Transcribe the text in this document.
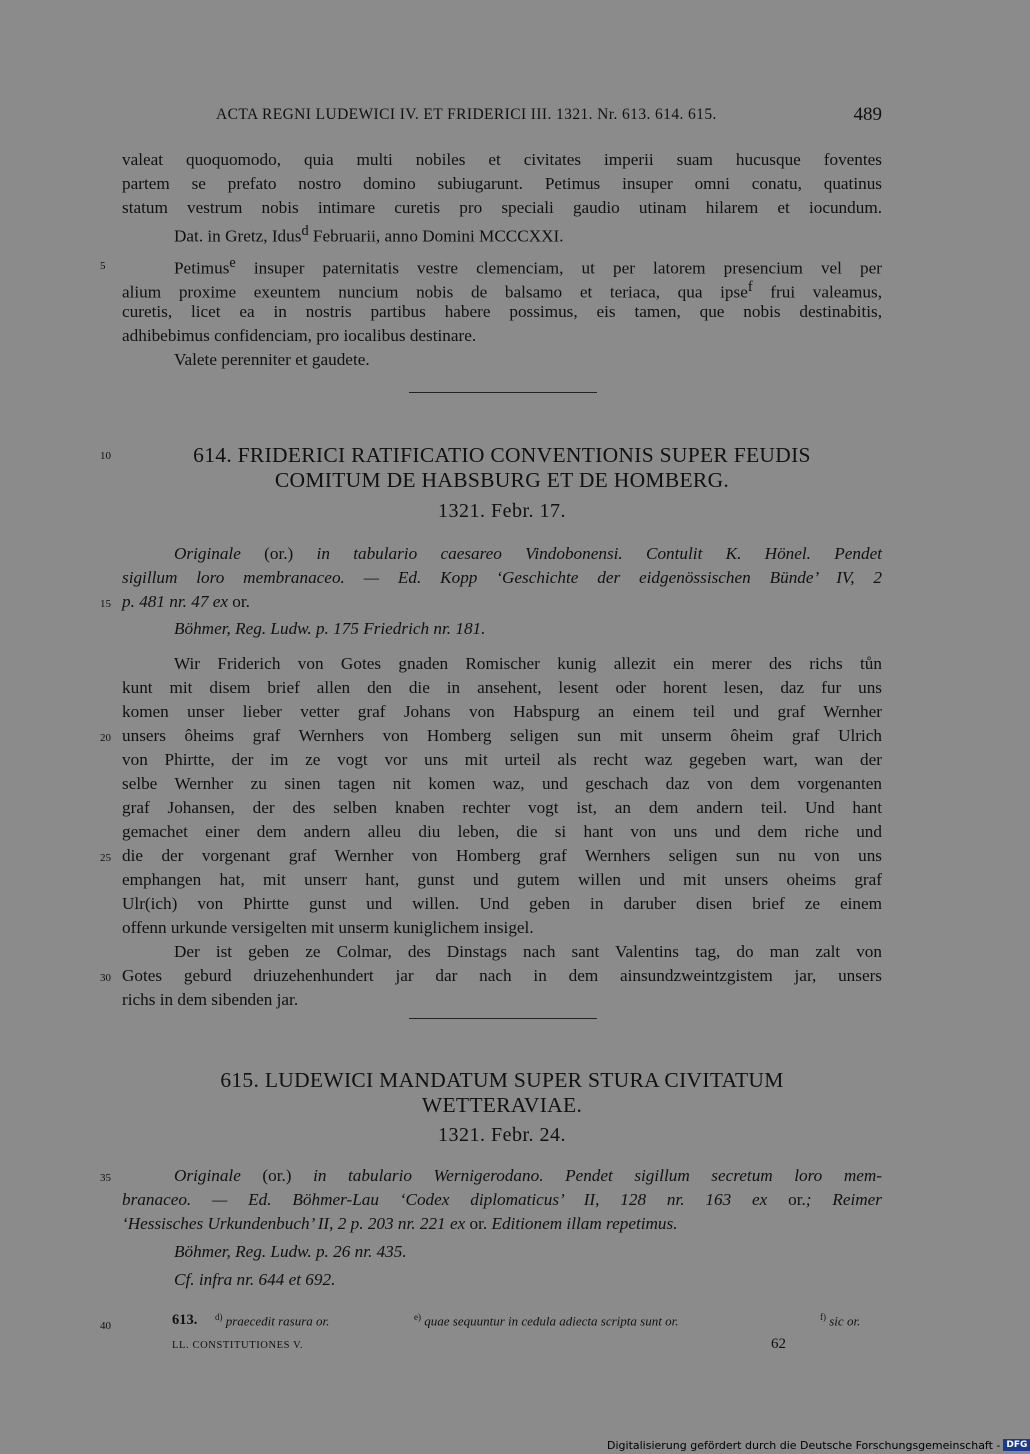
ACTA REGNI LUDEWICI IV. ET FRIDERICI III. 1321. Nr. 613. 614. 615.	489
valeat quoquomodo, quia multi nobiles et civitates imperii suam hucusque foventes
partem se prefato nostro domino subiugarunt. Petimus insuper omni conatu, quatinus
statum vestrum nobis intimare curetis pro speciali gaudio utinam hilarem et iocundum.
Dat. in Gretz, Idus$^d$ Februarii, anno Domini MCCCXXI.
5	Petimus$^e$ insuper paternitatis vestre clemenciam, ut per latorem presencium vel per
alium proxime exeuntem nuncium nobis de balsamo et teriaca, qua ipse$^f$ frui valeamus,
curetis, licet ea in nostris partibus habere possimus, eis tamen, que nobis destinabitis,
adhibebimus confidenciam, pro iocalibus destinare.
Valete perenniter et gaudete.
10	614. FRIDERICI RATIFICATIO CONVENTIONIS SUPER FEUDIS
COMITUM DE HABSBURG ET DE HOMBERG.
1321. Febr. 17.
Originale (or.) in tabulario caesareo Vindobonensi. Contulit K. Hönel. Pendet
sigillum loro membranaceo. — Ed. Kopp ‘Geschichte der eidgenössischen Bünde’ IV, 2
15 p. 481 nr. 47 ex or.
Böhmer, Reg. Ludw. p. 175 Friedrich nr. 181.
Wir Friderich von Gotes gnaden Romischer kunig allezit ein merer des richs tůn
kunt mit disem brief allen den die in ansehent, lesent oder horent lesen, daz fur uns
komen unser lieber vetter graf Johans von Habspurg an einem teil und graf Wernher
20 unsers ôheims graf Wernhers von Homberg seligen sun mit unserm ôheim graf Ulrich
von Phirtte, der im ze vogt vor uns mit urteil als recht waz gegeben wart, wan der
selbe Wernher zu sinen tagen nit komen waz, und geschach daz von dem vorgenanten
graf Johansen, der des selben knaben rechter vogt ist, an dem andern teil. Und hant
gemachet einer dem andern alleu diu leben, die si hant von uns und dem riche und
25 die der vorgenant graf Wernher von Homberg graf Wernhers seligen sun nu von uns
emphangen hat, mit unserr hant, gunst und gutem willen und mit unsers oheims graf
Ulr(ich) von Phirtte gunst und willen. Und geben in daruber disen brief ze einem
offenn urkunde versigelten mit unserm kuniglichem insigel.
Der ist geben ze Colmar, des Dinstags nach sant Valentins tag, do man zalt von
30 Gotes geburd driuzehenhundert jar dar nach in dem ainsundzweintzgistem jar, unsers
richs in dem sibenden jar.
615. LUDEWICI MANDATUM SUPER STURA CIVITATUM
WETTERAVIAE.
1321. Febr. 24.
35	Originale (or.) in tabulario Wernigerodano. Pendet sigillum secretum loro mem-
branaceo. — Ed. Böhmer-Lau ‘Codex diplomaticus’ II, 128 nr. 163 ex or.; Reimer
‘Hessisches Urkundenbuch’ II, 2 p. 203 nr. 221 ex or. Editionem illam repetimus.
Böhmer, Reg. Ludw. p. 26 nr. 435.
Cf. infra nr. 644 et 692.
40	613. $^{d)}$ praecedit rasura or.	$^{e)}$ quae sequuntur in cedula adiecta scripta sunt or.	$^{f)}$ sic or.
LL. CONSTITUTIONES V.	62
Digitalisierung gefördert durch die Deutsche Forschungsgemeinschaft - DFG
